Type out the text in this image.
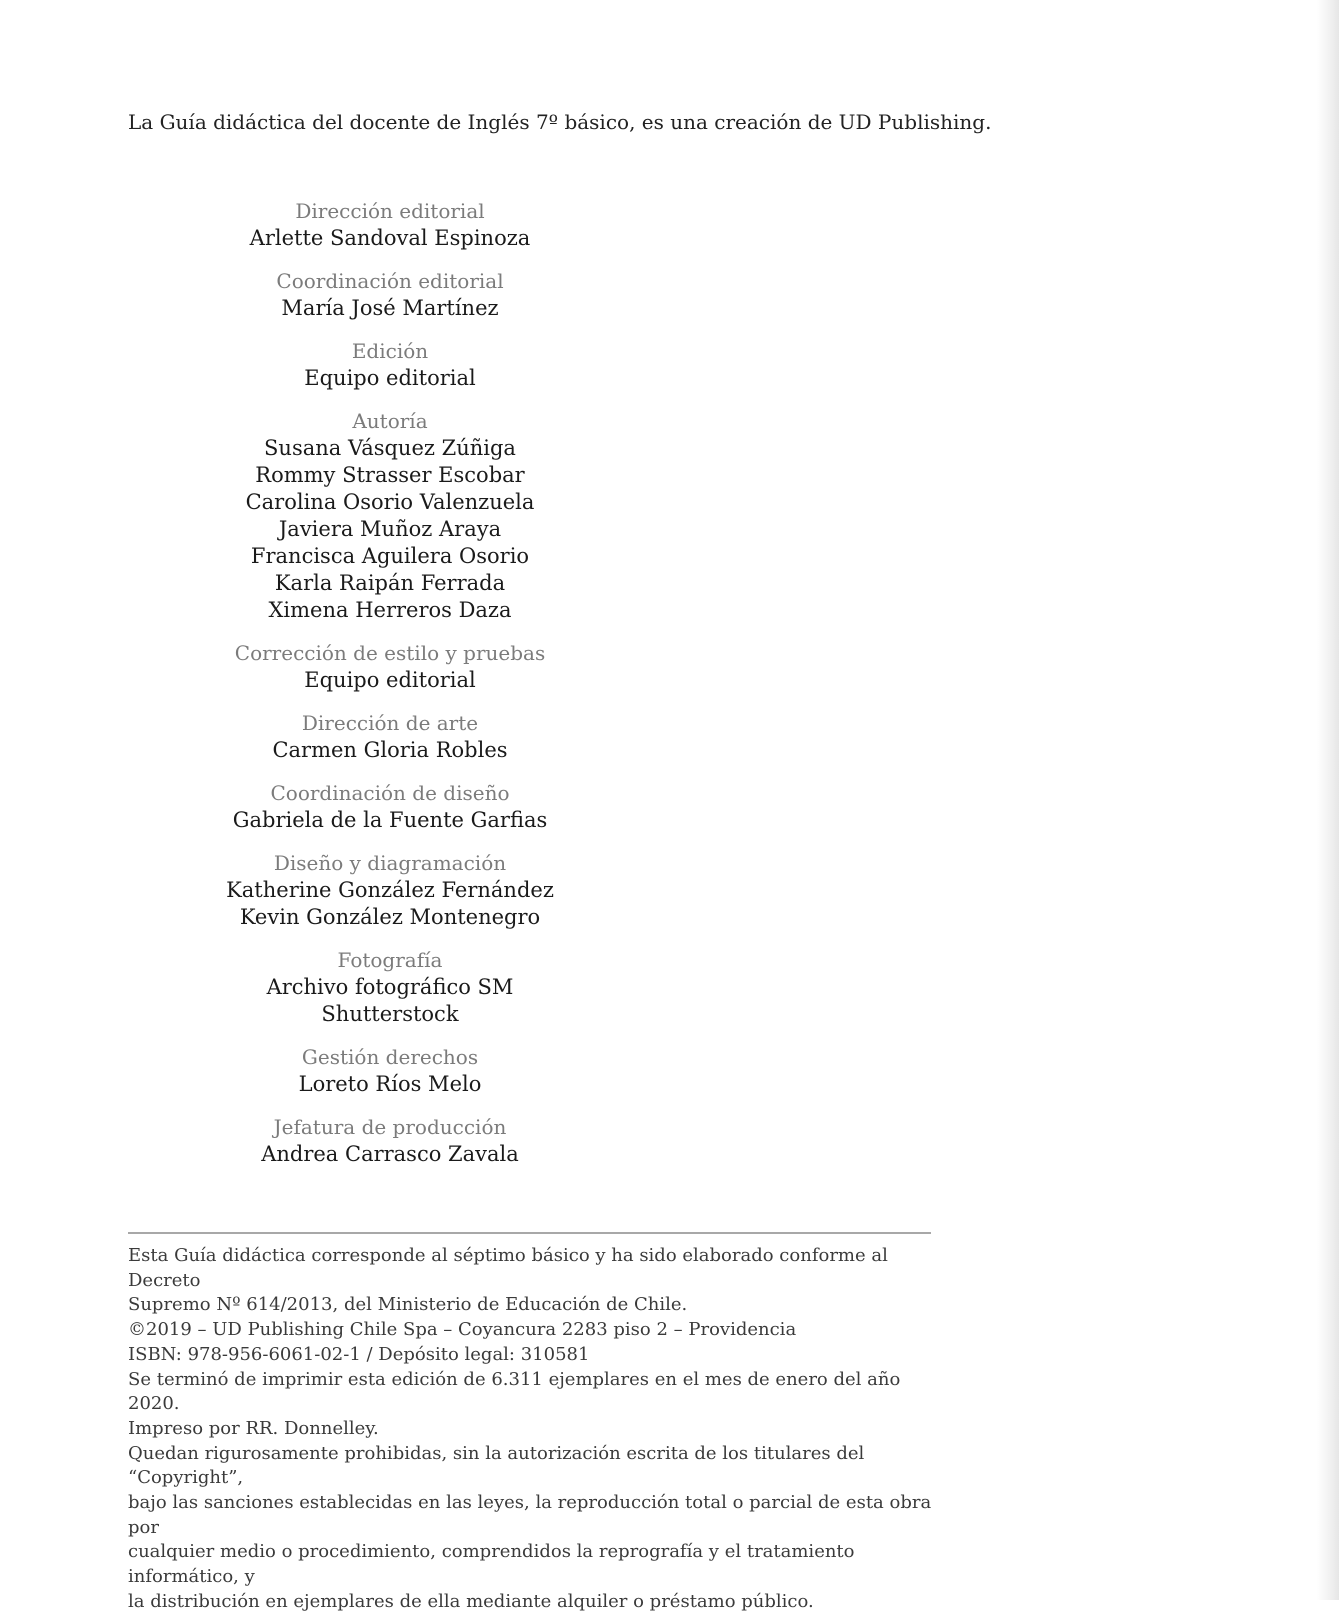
La Guía didáctica del docente de Inglés 7º básico, es una creación de UD Publishing.

Dirección editorial
Arlette Sandoval Espinoza
Coordinación editorial
María José Martínez
Edición
Equipo editorial
Autoría
Susana Vásquez Zúñiga
Rommy Strasser Escobar
Carolina Osorio Valenzuela
Javiera Muñoz Araya
Francisca Aguilera Osorio
Karla Raipán Ferrada
Ximena Herreros Daza
Corrección de estilo y pruebas
Equipo editorial
Dirección de arte
Carmen Gloria Robles
Coordinación de diseño
Gabriela de la Fuente Garfias
Diseño y diagramación
Katherine González Fernández
Kevin González Montenegro
Fotografía
Archivo fotográfico SM
Shutterstock
Gestión derechos
Loreto Ríos Melo
Jefatura de producción
Andrea Carrasco Zavala

Esta Guía didáctica corresponde al séptimo básico y ha sido elaborado conforme al Decreto

Supremo Nº 614/2013, del Ministerio de Educación de Chile.

©2019 – UD Publishing Chile Spa – Coyancura 2283 piso 2 – Providencia

ISBN: 978-956-6061-02-1 / Depósito legal: 310581

Se terminó de imprimir esta edición de 6.311 ejemplares en el mes de enero del año 2020.

Impreso por RR. Donnelley.

Quedan rigurosamente prohibidas, sin la autorización escrita de los titulares del “Copyright”,

bajo las sanciones establecidas en las leyes, la reproducción total o parcial de esta obra por

cualquier medio o procedimiento, comprendidos la reprografía y el tratamiento informático, y

la distribución en ejemplares de ella mediante alquiler o préstamo público.
